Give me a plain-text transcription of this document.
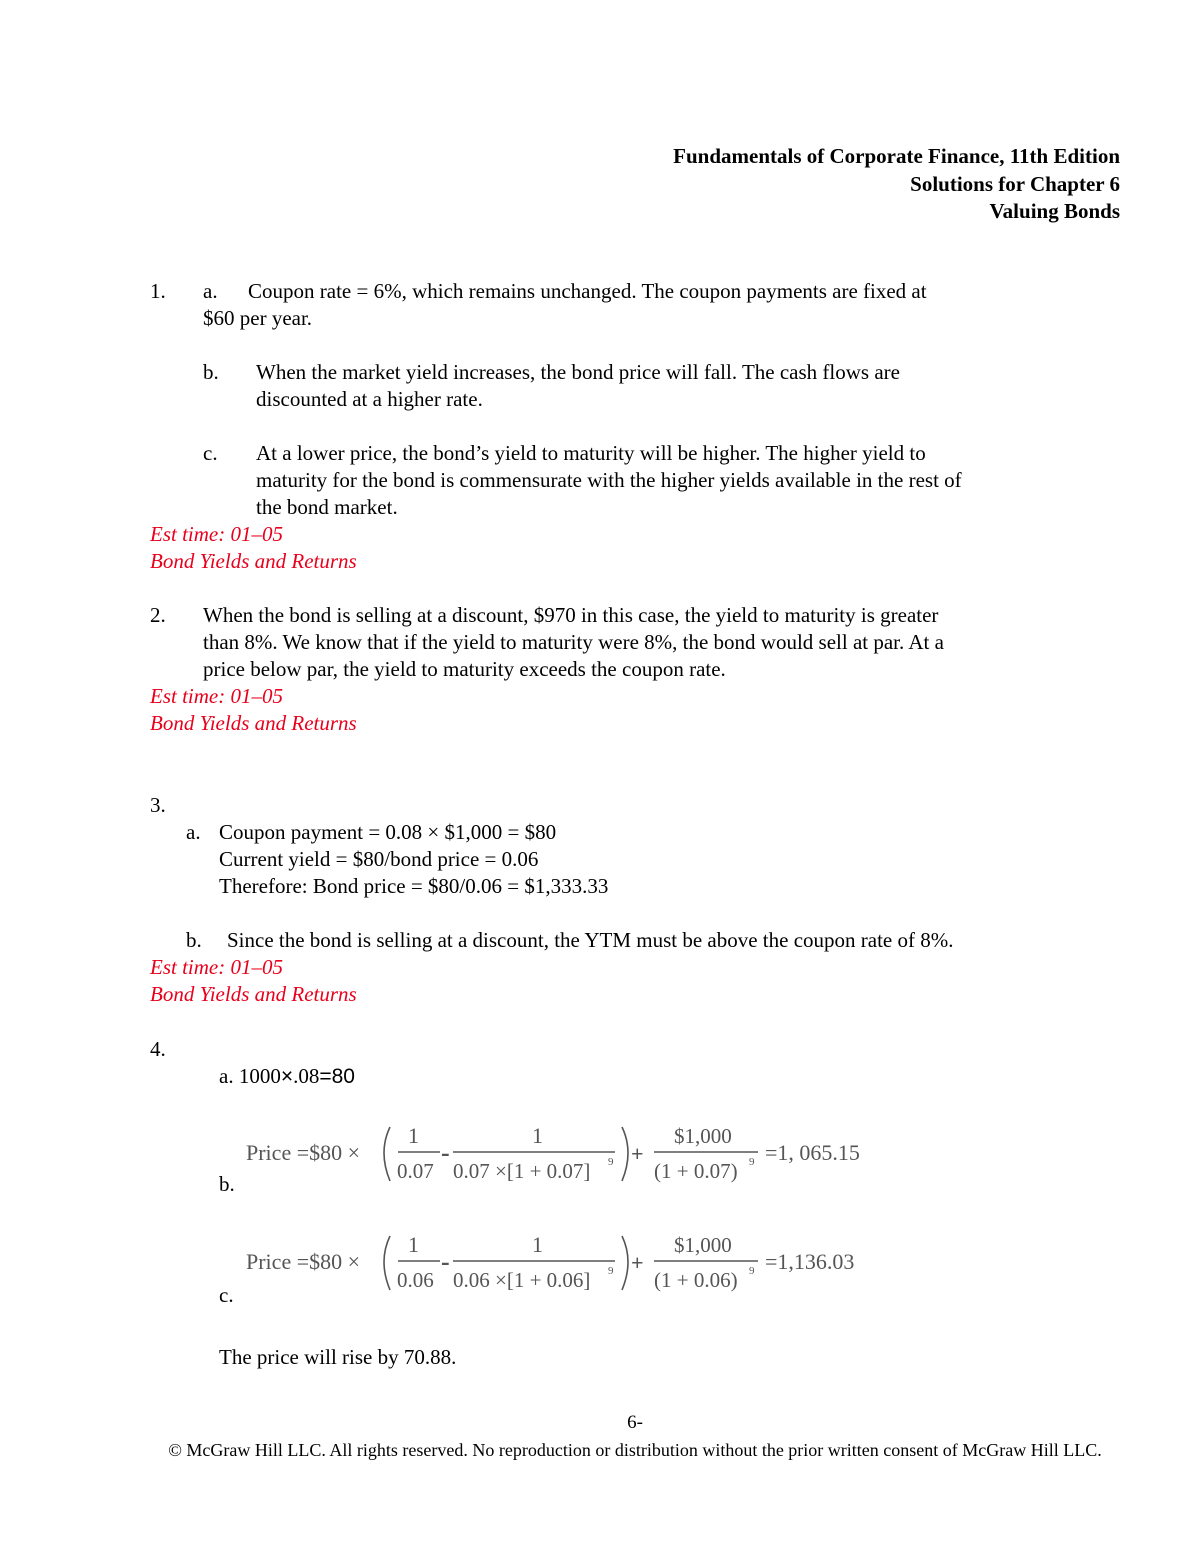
Fundamentals of Corporate Finance, 11th Edition
Solutions for Chapter 6
Valuing Bonds
1. a. Coupon rate = 6%, which remains unchanged. The coupon payments are fixed at
$60 per year.
b. When the market yield increases, the bond price will fall. The cash flows are
discounted at a higher rate.
c. At a lower price, the bond’s yield to maturity will be higher. The higher yield to
maturity for the bond is commensurate with the higher yields available in the rest of
the bond market.
Est time: 01–05
Bond Yields and Returns
2. When the bond is selling at a discount, $970 in this case, the yield to maturity is greater
than 8%. We know that if the yield to maturity were 8%, the bond would sell at par. At a
price below par, the yield to maturity exceeds the coupon rate.
Est time: 01–05
Bond Yields and Returns
3.
a. Coupon payment = 0.08 × $1,000 = $80
Current yield = $80/bond price = 0.06
Therefore: Bond price = $80/0.06 = $1,333.33
b. Since the bond is selling at a discount, the YTM must be above the coupon rate of 8%.
Est time: 01–05
Bond Yields and Returns
4.
a. 1000×.08=80
Price =$80 ×
1
0.07
-
1
0.07 ×[1 + 0.07] 9 +
$1,000
(1 + 0.07) 9 =1, 065.15
b.
Price =$80 ×
1
0.06
-
1
0.06 ×[1 + 0.06] 9 +
$1,000
(1 + 0.06) 9 =1,136.03
c.
The price will rise by 70.88.
6-
© McGraw Hill LLC. All rights reserved. No reproduction or distribution without the prior written consent of McGraw Hill LLC.
